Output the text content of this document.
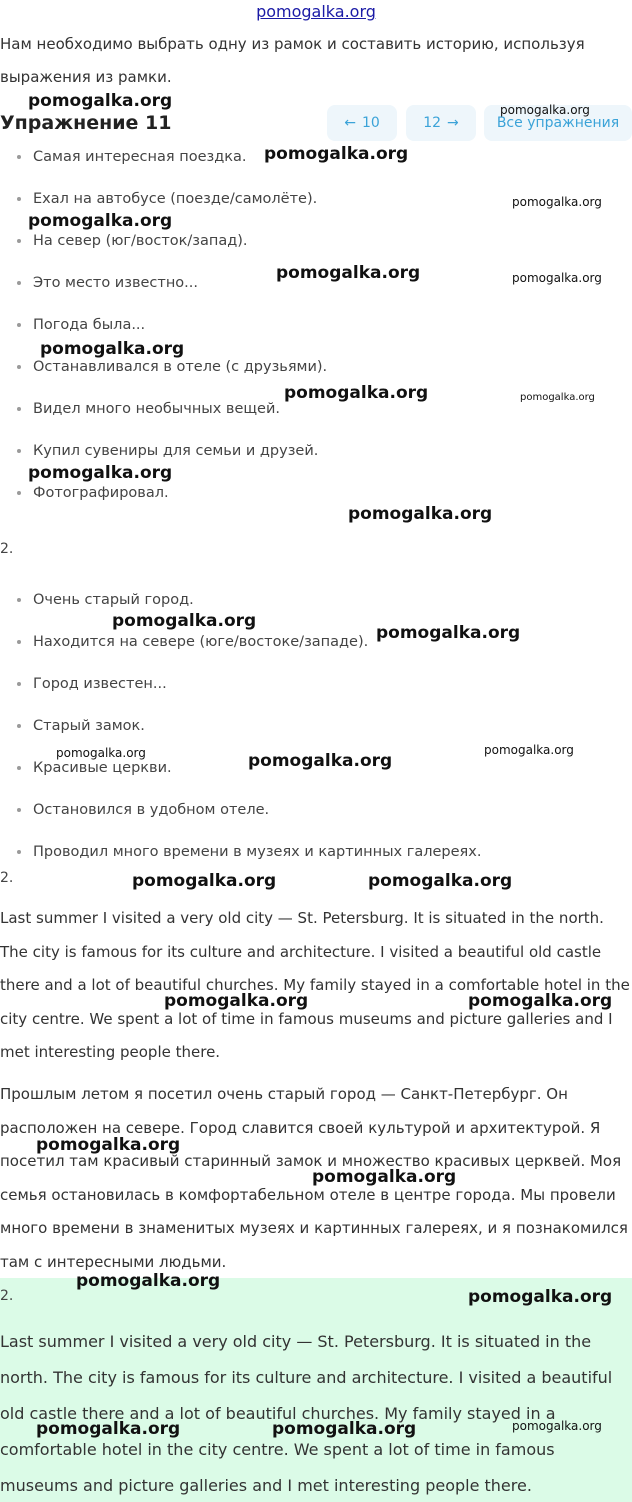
pomogalka.org

Нам необходимо выбрать одну из рамок и составить историю, используя выражения из рамки.

Упражнение 11	← 10	12 →	Все упражнения
Самая интересная поездка.
Ехал на автобусе (поезде/самолёте).
На север (юг/восток/запад).
Это место известно...
Погода была...
Останавливался в отеле (с друзьями).
Видел много необычных вещей.
Купил сувениры для семьи и друзей.
Фотографировал.
2.
Очень старый город.
Находится на севере (юге/востоке/западе).
Город известен...
Старый замок.
Красивые церкви.
Остановился в удобном отеле.
Проводил много времени в музеях и картинных галереях.
2.

Last summer I visited a very old city — St. Petersburg. It is situated in the north. The city is famous for its culture and architecture. I visited a beautiful old castle there and a lot of beautiful churches. My family stayed in a comfortable hotel in the city centre. We spent a lot of time in famous museums and picture galleries and I met interesting people there.

Прошлым летом я посетил очень старый город — Санкт-Петербург. Он расположен на севере. Город славится своей культурой и архитектурой. Я посетил там красивый старинный замок и множество красивых церквей. Моя семья остановилась в комфортабельном отеле в центре города. Мы провели много времени в знаменитых музеях и картинных галереях, и я познакомился там с интересными людьми.

2.

Last summer I visited a very old city — St. Petersburg. It is situated in the north. The city is famous for its culture and architecture. I visited a beautiful old castle there and a lot of beautiful churches. My family stayed in a comfortable hotel in the city centre. We spent a lot of time in famous museums and picture galleries and I met interesting people there.

pomogalka.org	pomogalka.org
pomogalka.org
pomogalka.org
pomogalka.org
pomogalka.org	pomogalka.org
pomogalka.org
pomogalka.org	pomogalka.org
pomogalka.org
pomogalka.org
pomogalka.org
pomogalka.org
pomogalka.org	pomogalka.org
pomogalka.org
pomogalka.org	pomogalka.org
pomogalka.org	pomogalka.org
pomogalka.org
pomogalka.org
pomogalka.org
pomogalka.org
pomogalka.org	pomogalka.org	pomogalka.org
